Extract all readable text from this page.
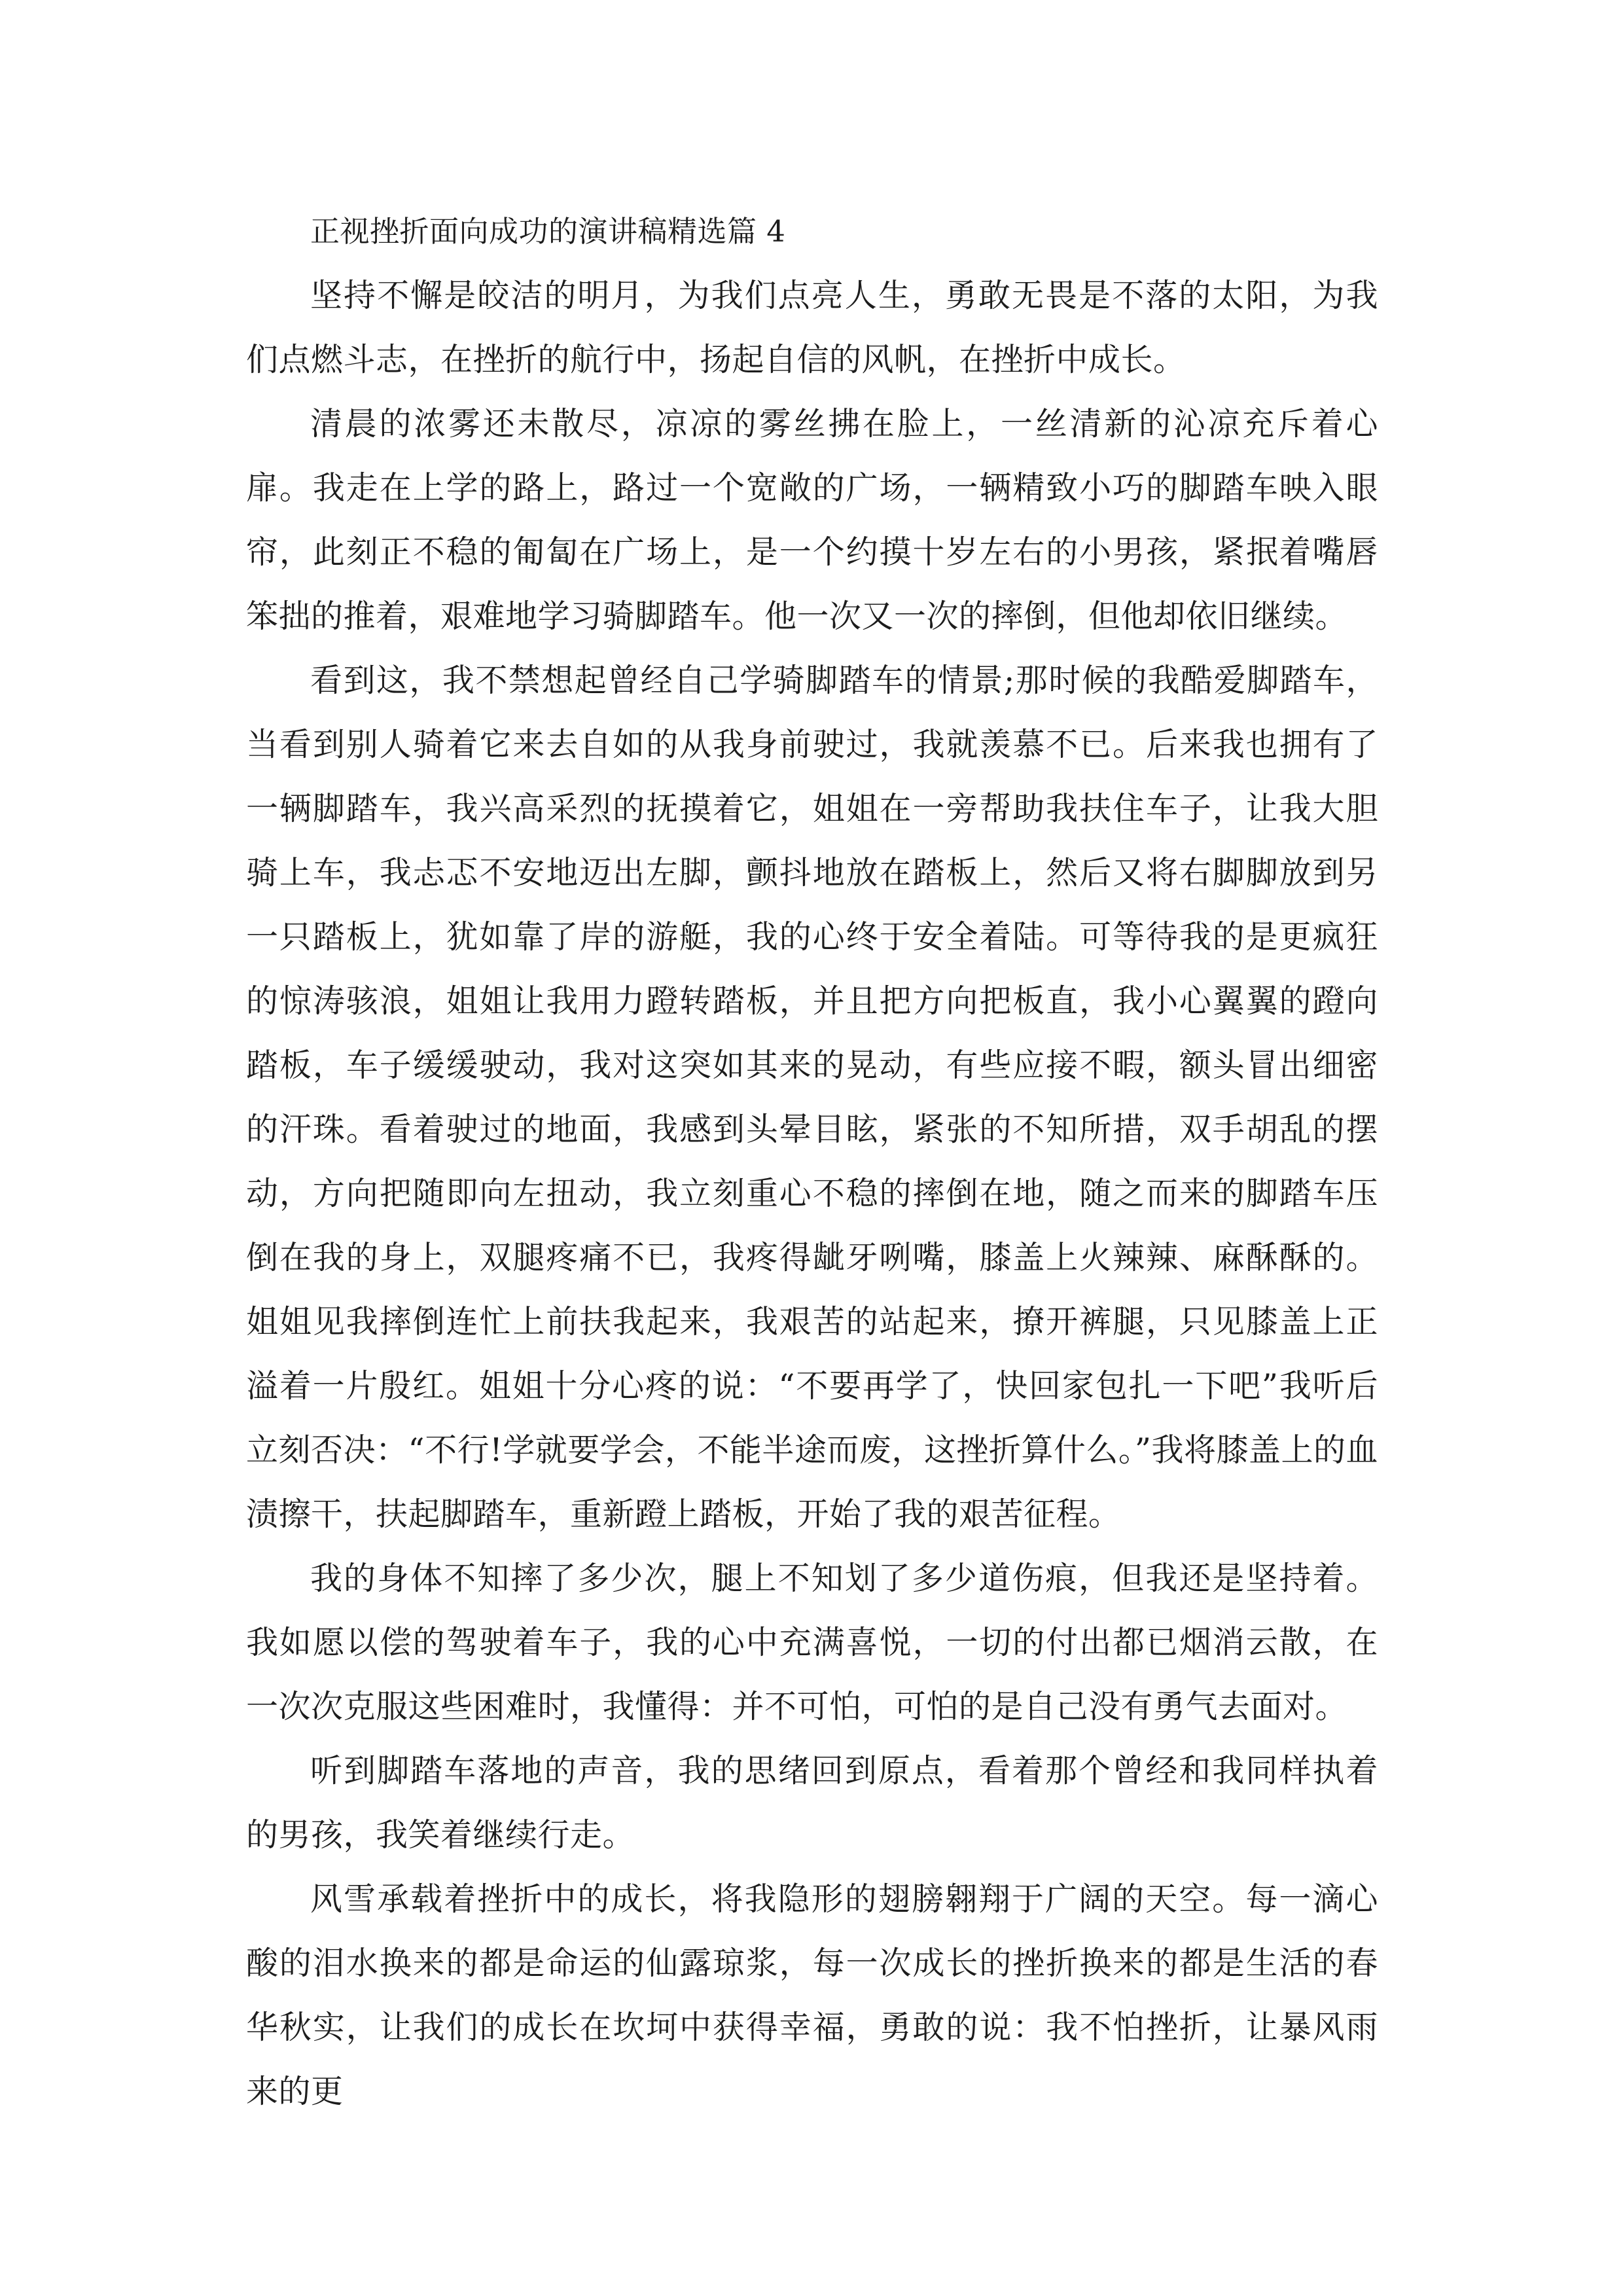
正视挫折面向成功的演讲稿精选篇 4

坚持不懈是皎洁的明月，为我们点亮人生，勇敢无畏是不落的太阳，为我们点燃斗志，在挫折的航行中，扬起自信的风帆，在挫折中成长。

清晨的浓雾还未散尽，凉凉的雾丝拂在脸上，一丝清新的沁凉充斥着心扉。我走在上学的路上，路过一个宽敞的广场，一辆精致小巧的脚踏车映入眼帘，此刻正不稳的匍匐在广场上，是一个约摸十岁左右的小男孩，紧抿着嘴唇笨拙的推着，艰难地学习骑脚踏车。他一次又一次的摔倒，但他却依旧继续。

看到这，我不禁想起曾经自己学骑脚踏车的情景;那时候的我酷爱脚踏车，当看到别人骑着它来去自如的从我身前驶过，我就羡慕不已。后来我也拥有了一辆脚踏车，我兴高采烈的抚摸着它，姐姐在一旁帮助我扶住车子，让我大胆骑上车，我忐忑不安地迈出左脚，颤抖地放在踏板上，然后又将右脚脚放到另一只踏板上，犹如靠了岸的游艇，我的心终于安全着陆。可等待我的是更疯狂的惊涛骇浪，姐姐让我用力蹬转踏板，并且把方向把板直，我小心翼翼的蹬向踏板，车子缓缓驶动，我对这突如其来的晃动，有些应接不暇，额头冒出细密的汗珠。看着驶过的地面，我感到头晕目眩，紧张的不知所措，双手胡乱的摆动，方向把随即向左扭动，我立刻重心不稳的摔倒在地，随之而来的脚踏车压倒在我的身上，双腿疼痛不已，我疼得龇牙咧嘴，膝盖上火辣辣、麻酥酥的。姐姐见我摔倒连忙上前扶我起来，我艰苦的站起来，撩开裤腿，只见膝盖上正溢着一片殷红。姐姐十分心疼的说：“不要再学了，快回家包扎一下吧”我听后立刻否决：“不行!学就要学会，不能半途而废，这挫折算什么。”我将膝盖上的血渍擦干，扶起脚踏车，重新蹬上踏板，开始了我的艰苦征程。

我的身体不知摔了多少次，腿上不知划了多少道伤痕，但我还是坚持着。我如愿以偿的驾驶着车子，我的心中充满喜悦，一切的付出都已烟消云散，在一次次克服这些困难时，我懂得：并不可怕，可怕的是自己没有勇气去面对。

听到脚踏车落地的声音，我的思绪回到原点，看着那个曾经和我同样执着的男孩，我笑着继续行走。

风雪承载着挫折中的成长，将我隐形的翅膀翱翔于广阔的天空。每一滴心酸的泪水换来的都是命运的仙露琼浆，每一次成长的挫折换来的都是生活的春华秋实，让我们的成长在坎坷中获得幸福，勇敢的说：我不怕挫折，让暴风雨来的更
